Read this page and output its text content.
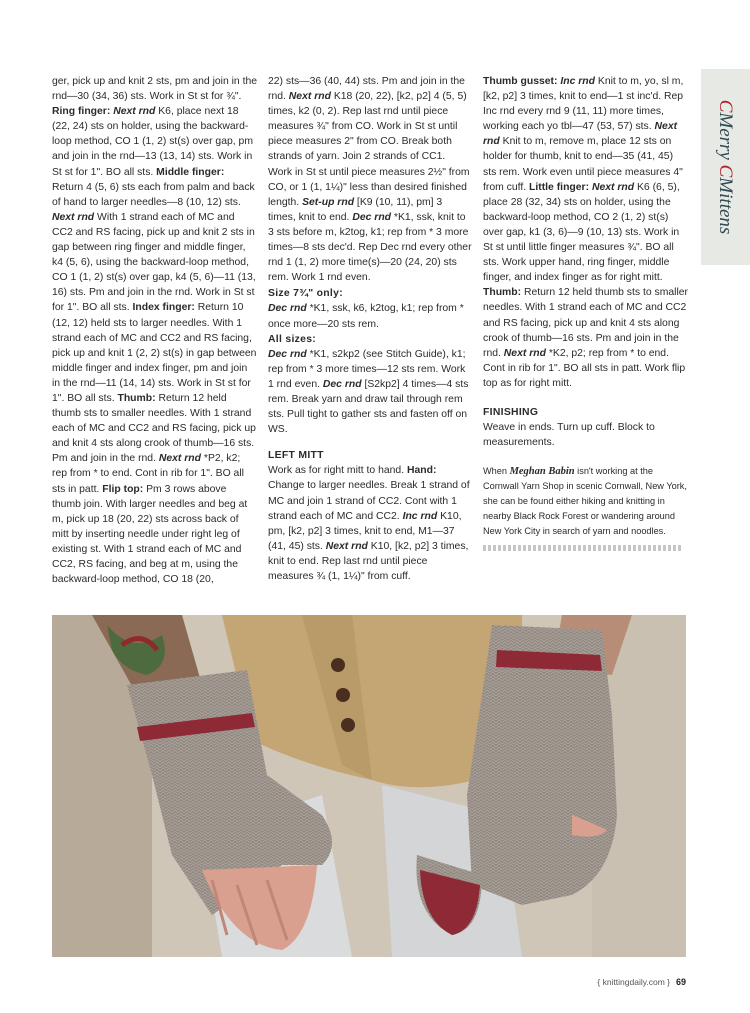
ger, pick up and knit 2 sts, pm and join in the rnd—30 (34, 36) sts. Work in St st for ¾". Ring finger: Next rnd K6, place next 18 (22, 24) sts on holder, using the backward-loop method, CO 1 (1, 2) st(s) over gap, pm and join in the rnd—13 (13, 14) sts. Work in St st for 1". BO all sts. Middle finger: Return 4 (5, 6) sts each from palm and back of hand to larger needles—8 (10, 12) sts. Next rnd With 1 strand each of MC and CC2 and RS facing, pick up and knit 2 sts in gap between ring finger and middle finger, k4 (5, 6), using the backward-loop method, CO 1 (1, 2) st(s) over gap, k4 (5, 6)—11 (13, 16) sts. Pm and join in the rnd. Work in St st for 1". BO all sts. Index finger: Return 10 (12, 12) held sts to larger needles. With 1 strand each of MC and CC2 and RS facing, pick up and knit 1 (2, 2) st(s) in gap between middle finger and index finger, pm and join in the rnd—11 (14, 14) sts. Work in St st for 1". BO all sts. Thumb: Return 12 held thumb sts to smaller needles. With 1 strand each of MC and CC2 and RS facing, pick up and knit 4 sts along crook of thumb—16 sts. Pm and join in the rnd. Next rnd *P2, k2; rep from * to end. Cont in rib for 1". BO all sts in patt. Flip top: Pm 3 rows above thumb join. With larger needles and beg at m, pick up 18 (20, 22) sts across back of mitt by inserting needle under right leg of existing st. With 1 strand each of MC and CC2, RS facing, and beg at m, using the backward-loop method, CO 18 (20,

22) sts—36 (40, 44) sts. Pm and join in the rnd. Next rnd K18 (20, 22), [k2, p2] 4 (5, 5) times, k2 (0, 2). Rep last rnd until piece measures ¾" from CO. Work in St st until piece measures 2" from CO. Break both strands of yarn. Join 2 strands of CC1. Work in St st until piece measures 2½" from CO, or 1 (1, 1¼)" less than desired finished length. Set-up rnd [K9 (10, 11), pm] 3 times, knit to end. Dec rnd *K1, ssk, knit to 3 sts before m, k2tog, k1; rep from * 3 more times—8 sts dec'd. Rep Dec rnd every other rnd 1 (1, 2) more time(s)—20 (24, 20) sts rem. Work 1 rnd even.

Size 7¾" only:

Dec rnd *K1, ssk, k6, k2tog, k1; rep from * once more—20 sts rem.

All sizes:

Dec rnd *K1, s2kp2 (see Stitch Guide), k1; rep from * 3 more times—12 sts rem. Work 1 rnd even. Dec rnd [S2kp2] 4 times—4 sts rem. Break yarn and draw tail through rem sts. Pull tight to gather sts and fasten off on WS.

LEFT MITT

Work as for right mitt to hand. Hand: Change to larger needles. Break 1 strand of MC and join 1 strand of CC2. Cont with 1 strand each of MC and CC2. Inc rnd K10, pm, [k2, p2] 3 times, knit to end, M1—37 (41, 45) sts. Next rnd K10, [k2, p2] 3 times, knit to end. Rep last rnd until piece measures ¾ (1, 1¼)" from cuff.

Thumb gusset: Inc rnd Knit to m, yo, sl m, [k2, p2] 3 times, knit to end—1 st inc'd. Rep Inc rnd every rnd 9 (11, 11) more times, working each yo tbl—47 (53, 57) sts. Next rnd Knit to m, remove m, place 12 sts on holder for thumb, knit to end—35 (41, 45) sts rem. Work even until piece measures 4" from cuff. Little finger: Next rnd K6 (6, 5), place 28 (32, 34) sts on holder, using the backward-loop method, CO 2 (1, 2) st(s) over gap, k1 (3, 6)—9 (10, 13) sts. Work in St st until little finger measures ¾". BO all sts. Work upper hand, ring finger, middle finger, and index finger as for right mitt. Thumb: Return 12 held thumb sts to smaller needles. With 1 strand each of MC and CC2 and RS facing, pick up and knit 4 sts along crook of thumb—16 sts. Pm and join in the rnd. Next rnd *K2, p2; rep from * to end. Cont in rib for 1". BO all sts in patt. Work flip top as for right mitt.

FINISHING

Weave in ends. Turn up cuff. Block to measurements.

When Meghan Babin isn't working at the Cornwall Yarn Shop in scenic Cornwall, New York, she can be found either hiking and knitting in nearby Black Rock Forest or wandering around New York City in search of yarn and noodles.

CMerry CMittens
{ knittingdaily.com } 69
